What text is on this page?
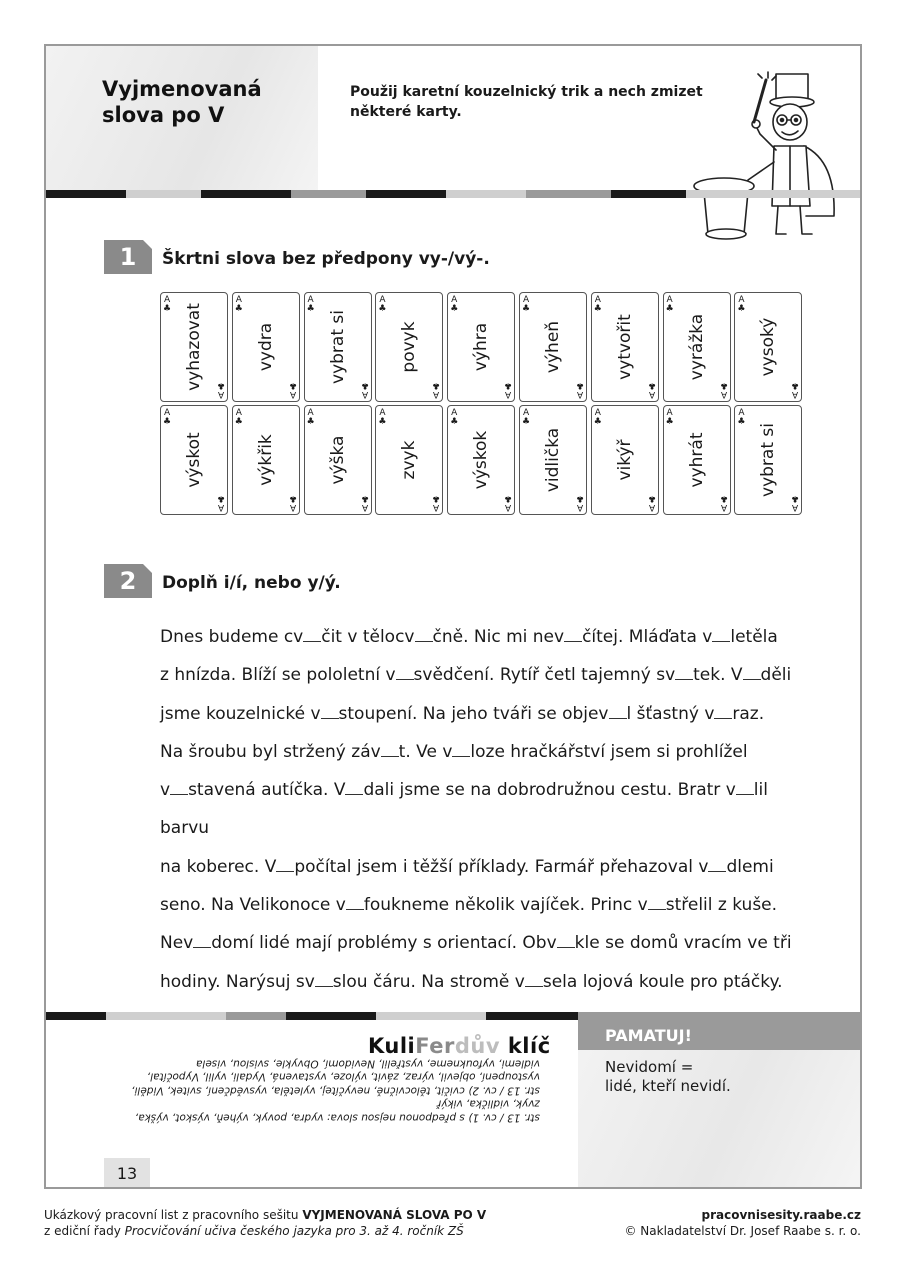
Vyjmenovaná
slova po V
Použij karetní kouzelnický trik a nech zmizet
některé karty.
1	Škrtni slova bez předpony vy-/vý-.
A
♣ vyhazovat
A
♣
A
♣
vydra
A
♣
A
♣
vybrat si
A
♣
A
♣
povyk
A
♣
A
♣
výhra
A
♣
A
♣
výheň
A
♣
A
♣
vytvořit
A
♣
A
♣
vyrážka
A
♣
A
♣
vysoký
A
♣
A
♣
výskot
A
♣
A
♣
výkřik
A
♣
A
♣
výška
A
♣
A
♣
zvyk
A
♣
A
♣
výskok
A
♣
A
♣
vidlička
A
♣
A
♣
vikýř
A
♣
A
♣
vyhrát
A
♣
A
♣
vybrat si
A
♣
2	Doplň i/í, nebo y/ý.
Dnes budeme cv čit v tělocv čně. Nic mi nev čítej. Mláďata v letěla
z hnízda. Blíží se pololetní v svědčení. Rytíř četl tajemný sv tek. V děli
jsme kouzelnické v stoupení. Na jeho tváři se objev l šťastný v raz.
Na šroubu byl stržený záv t. Ve v loze hračkářství jsem si prohlížel
v stavená autíčka. V dali jsme se na dobrodružnou cestu. Bratr v lil barvu
na koberec. V počítal jsem i těžší příklady. Farmář přehazoval v dlemi
seno. Na Velikonoce v foukneme několik vajíček. Princ v střelil z kuše.
Nev domí lidé mají problémy s orientací. Obv kle se domů vracím ve tři
hodiny. Narýsuj sv slou čáru. Na stromě v sela lojová koule pro ptáčky.
KuliFerdův klíč
str. 13 / cv. 1) s předponou nejsou slova: vydra, povyk, výheň, výskot, výška,
zvyk, vidlička, vikýř
str. 13 / cv. 2) cvičit, tělocvičně, nevyčítej, vyletěla, vysvědčení, svitek, Viděli,
vystoupení, objevil, výraz, závit, výloze, vystavená, Vydali, vylil, Vypočítal,
vidlemi, vyfoukneme, vystřelil, Nevidomí, Obvykle, svislou, visela
PAMATUJ!
Nevidomí =
lidé, kteří nevidí.
13
Ukázkový pracovní list z pracovního sešitu VYJMENOVANÁ SLOVA PO V
z ediční řady Procvičování učiva českého jazyka pro 3. až 4. ročník ZŠ
pracovnisesity.raabe.cz
© Nakladatelství Dr. Josef Raabe s. r. o.
